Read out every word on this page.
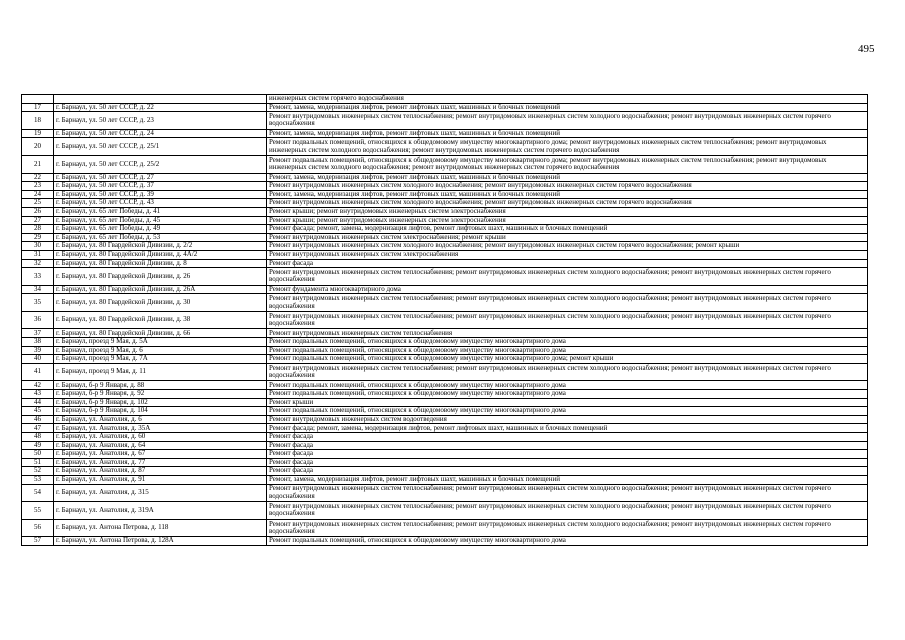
495
		инженерных систем горячего водоснабжения
17	г. Барнаул, ул. 50 лет СССР, д. 22	Ремонт, замена, модернизация лифтов, ремонт лифтовых шахт, машинных и блочных помещений
18	г. Барнаул, ул. 50 лет СССР, д. 23	Ремонт внутридомовых инженерных систем теплоснабжения; ремонт внутридомовых инженерных систем холодного водоснабжения; ремонт внутридомовых инженерных систем горячего водоснабжения
19	г. Барнаул, ул. 50 лет СССР, д. 24	Ремонт, замена, модернизация лифтов, ремонт лифтовых шахт, машинных и блочных помещений
20	г. Барнаул, ул. 50 лет СССР, д. 25/1	Ремонт подвальных помещений, относящихся к общедомовому имуществу многоквартирного дома; ремонт внутридомовых инженерных систем теплоснабжения; ремонт внутридомовых инженерных систем холодного водоснабжения; ремонт внутридомовых инженерных систем горячего водоснабжения
21	г. Барнаул, ул. 50 лет СССР, д. 25/2	Ремонт подвальных помещений, относящихся к общедомовому имуществу многоквартирного дома; ремонт внутридомовых инженерных систем теплоснабжения; ремонт внутридомовых инженерных систем холодного водоснабжения; ремонт внутридомовых инженерных систем горячего водоснабжения
22	г. Барнаул, ул. 50 лет СССР, д. 27	Ремонт, замена, модернизация лифтов, ремонт лифтовых шахт, машинных и блочных помещений
23	г. Барнаул, ул. 50 лет СССР, д. 37	Ремонт внутридомовых инженерных систем холодного водоснабжения; ремонт внутридомовых инженерных систем горячего водоснабжения
24	г. Барнаул, ул. 50 лет СССР, д. 39	Ремонт, замена, модернизация лифтов, ремонт лифтовых шахт, машинных и блочных помещений
25	г. Барнаул, ул. 50 лет СССР, д. 43	Ремонт внутридомовых инженерных систем холодного водоснабжения; ремонт внутридомовых инженерных систем горячего водоснабжения
26	г. Барнаул, ул. 65 лет Победы, д. 41	Ремонт крыши; ремонт внутридомовых инженерных систем электроснабжения
27	г. Барнаул, ул. 65 лет Победы, д. 45	Ремонт крыши; ремонт внутридомовых инженерных систем электроснабжения
28	г. Барнаул, ул. 65 лет Победы, д. 49	Ремонт фасада; ремонт, замена, модернизация лифтов, ремонт лифтовых шахт, машинных и блочных помещений
29	г. Барнаул, ул. 65 лет Победы, д. 53	Ремонт внутридомовых инженерных систем электроснабжения; ремонт крыши
30	г. Барнаул, ул. 80 Гвардейской Дивизии, д. 2/2	Ремонт внутридомовых инженерных систем холодного водоснабжения; ремонт внутридомовых инженерных систем горячего водоснабжения; ремонт крыши
31	г. Барнаул, ул. 80 Гвардейской Дивизии, д. 4А/2	Ремонт внутридомовых инженерных систем электроснабжения
32	г. Барнаул, ул. 80 Гвардейской Дивизии, д. 8	Ремонт фасада
33	г. Барнаул, ул. 80 Гвардейской Дивизии, д. 26	Ремонт внутридомовых инженерных систем теплоснабжения; ремонт внутридомовых инженерных систем холодного водоснабжения; ремонт внутридомовых инженерных систем горячего водоснабжения
34	г. Барнаул, ул. 80 Гвардейской Дивизии, д. 26А	Ремонт фундамента многоквартирного дома
35	г. Барнаул, ул. 80 Гвардейской Дивизии, д. 30	Ремонт внутридомовых инженерных систем теплоснабжения; ремонт внутридомовых инженерных систем холодного водоснабжения; ремонт внутридомовых инженерных систем горячего водоснабжения
36	г. Барнаул, ул. 80 Гвардейской Дивизии, д. 38	Ремонт внутридомовых инженерных систем теплоснабжения; ремонт внутридомовых инженерных систем холодного водоснабжения; ремонт внутридомовых инженерных систем горячего водоснабжения
37	г. Барнаул, ул. 80 Гвардейской Дивизии, д. 66	Ремонт внутридомовых инженерных систем теплоснабжения
38	г. Барнаул, проезд 9 Мая, д. 5А	Ремонт подвальных помещений, относящихся к общедомовому имуществу многоквартирного дома
39	г. Барнаул, проезд 9 Мая, д. 6	Ремонт подвальных помещений, относящихся к общедомовому имуществу многоквартирного дома
40	г. Барнаул, проезд 9 Мая, д. 7А	Ремонт подвальных помещений, относящихся к общедомовому имуществу многоквартирного дома; ремонт крыши
41	г. Барнаул, проезд 9 Мая, д. 11	Ремонт внутридомовых инженерных систем теплоснабжения; ремонт внутридомовых инженерных систем холодного водоснабжения; ремонт внутридомовых инженерных систем горячего водоснабжения
42	г. Барнаул, б-р 9 Января, д. 88	Ремонт подвальных помещений, относящихся к общедомовому имуществу многоквартирного дома
43	г. Барнаул, б-р 9 Января, д. 92	Ремонт подвальных помещений, относящихся к общедомовому имуществу многоквартирного дома
44	г. Барнаул, б-р 9 Января, д. 102	Ремонт крыши
45	г. Барнаул, б-р 9 Января, д. 104	Ремонт подвальных помещений, относящихся к общедомовому имуществу многоквартирного дома
46	г. Барнаул, ул. Анатолия, д. 6	Ремонт внутридомовых инженерных систем водоотведения
47	г. Барнаул, ул. Анатолия, д. 35А	Ремонт фасада; ремонт, замена, модернизация лифтов, ремонт лифтовых шахт, машинных и блочных помещений
48	г. Барнаул, ул. Анатолия, д. 60	Ремонт фасада
49	г. Барнаул, ул. Анатолия, д. 64	Ремонт фасада
50	г. Барнаул, ул. Анатолия, д. 67	Ремонт фасада
51	г. Барнаул, ул. Анатолия, д. 77	Ремонт фасада
52	г. Барнаул, ул. Анатолия, д. 87	Ремонт фасада
53	г. Барнаул, ул. Анатолия, д. 91	Ремонт, замена, модернизация лифтов, ремонт лифтовых шахт, машинных и блочных помещений
54	г. Барнаул, ул. Анатолия, д. 315	Ремонт внутридомовых инженерных систем теплоснабжения; ремонт внутридомовых инженерных систем холодного водоснабжения; ремонт внутридомовых инженерных систем горячего водоснабжения
55	г. Барнаул, ул. Анатолия, д. 319А	Ремонт внутридомовых инженерных систем теплоснабжения; ремонт внутридомовых инженерных систем холодного водоснабжения; ремонт внутридомовых инженерных систем горячего водоснабжения
56	г. Барнаул, ул. Антона Петрова, д. 118	Ремонт внутридомовых инженерных систем теплоснабжения; ремонт внутридомовых инженерных систем холодного водоснабжения; ремонт внутридомовых инженерных систем горячего водоснабжения
57	г. Барнаул, ул. Антона Петрова, д. 128А	Ремонт подвальных помещений, относящихся к общедомовому имуществу многоквартирного дома
